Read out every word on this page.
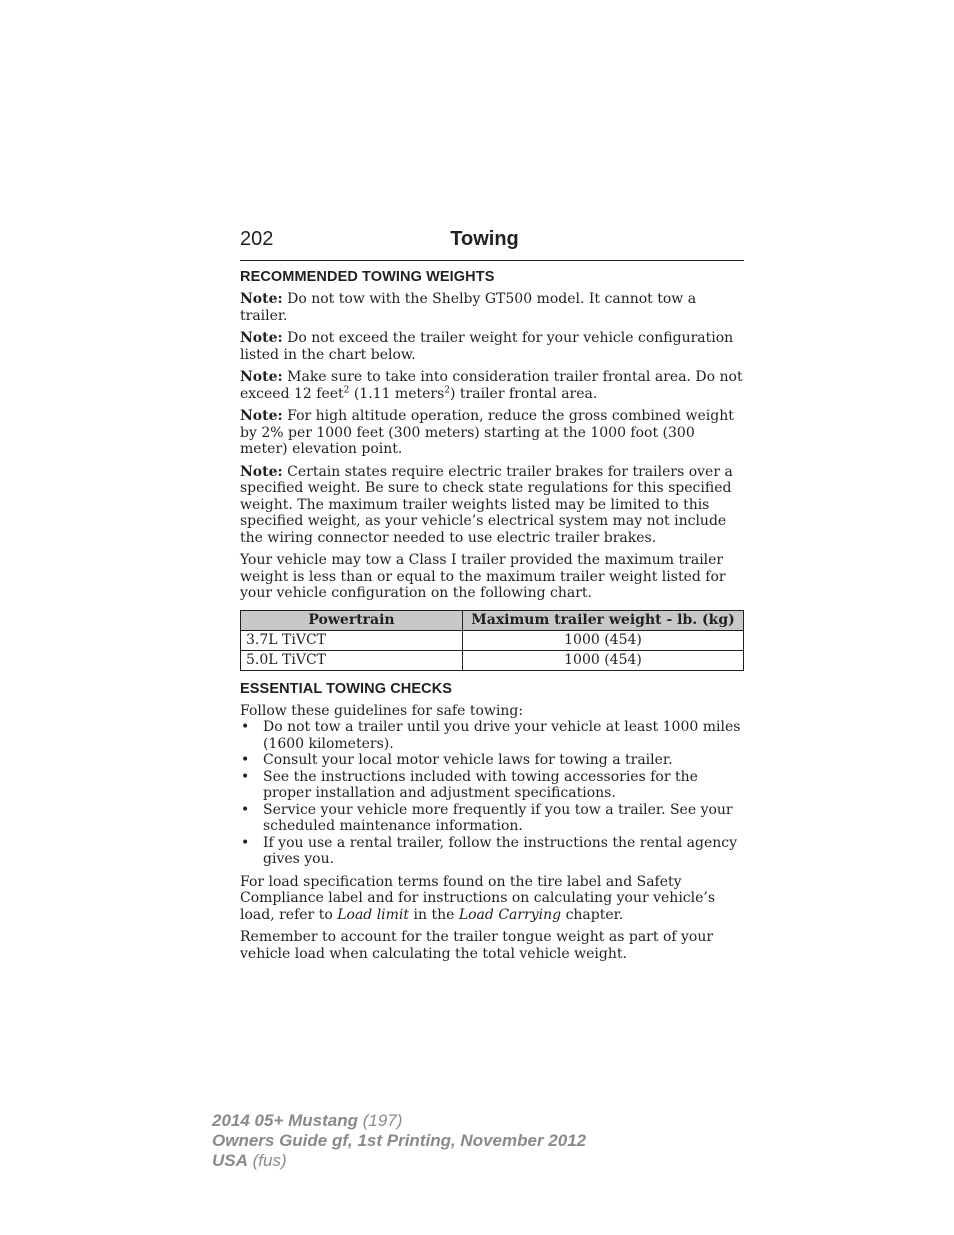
202	Towing
RECOMMENDED TOWING WEIGHTS

Note: Do not tow with the Shelby GT500 model. It cannot tow a trailer.

Note: Do not exceed the trailer weight for your vehicle configuration listed in the chart below.

Note: Make sure to take into consideration trailer frontal area. Do not exceed 12 feet$^2$ (1.11 meters$^2$) trailer frontal area.

Note: For high altitude operation, reduce the gross combined weight by 2% per 1000 feet (300 meters) starting at the 1000 foot (300 meter) elevation point.

Note: Certain states require electric trailer brakes for trailers over a specified weight. Be sure to check state regulations for this specified weight. The maximum trailer weights listed may be limited to this specified weight, as your vehicle’s electrical system may not include the wiring connector needed to use electric trailer brakes.

Your vehicle may tow a Class I trailer provided the maximum trailer weight is less than or equal to the maximum trailer weight listed for your vehicle configuration on the following chart.

Powertrain	Maximum trailer weight - lb. (kg)
3.7L TiVCT	1000 (454)
5.0L TiVCT	1000 (454)
ESSENTIAL TOWING CHECKS

Follow these guidelines for safe towing:

• Do not tow a trailer until you drive your vehicle at least 1000 miles (1600 kilometers).
• Consult your local motor vehicle laws for towing a trailer.
• See the instructions included with towing accessories for the proper installation and adjustment specifications.
• Service your vehicle more frequently if you tow a trailer. See your scheduled maintenance information.
• If you use a rental trailer, follow the instructions the rental agency gives you.

For load specification terms found on the tire label and Safety Compliance label and for instructions on calculating your vehicle’s load, refer to Load limit in the Load Carrying chapter.

Remember to account for the trailer tongue weight as part of your vehicle load when calculating the total vehicle weight.

2014 05+ Mustang (197)
Owners Guide gf, 1st Printing, November 2012
USA (fus)
